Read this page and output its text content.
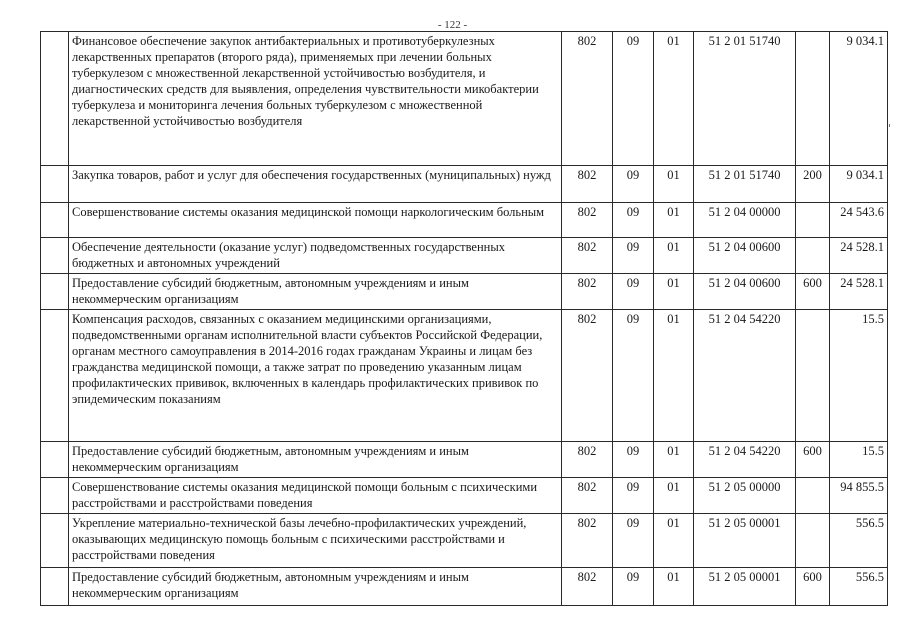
- 122 -
	Финансовое обеспечение закупок антибактериальных и противотуберкулезных лекарственных препаратов (второго ряда), применяемых при лечении больных туберкулезом с множественной лекарственной устойчивостью возбудителя, и диагностических средств для выявления, определения чувствительности микобактерии туберкулеза и мониторинга лечения больных туберкулезом с множественной лекарственной устойчивостью возбудителя	802	09	01	51 2 01 51740		9 034.1
	Закупка товаров, работ и услуг для обеспечения государственных (муниципальных) нужд	802	09	01	51 2 01 51740	200	9 034.1
	Совершенствование системы оказания медицинской помощи наркологическим больным	802	09	01	51 2 04 00000		24 543.6
	Обеспечение деятельности (оказание услуг) подведомственных государственных бюджетных и автономных учреждений	802	09	01	51 2 04 00600		24 528.1
	Предоставление субсидий бюджетным, автономным учреждениям и иным некоммерческим организациям	802	09	01	51 2 04 00600	600	24 528.1
	Компенсация расходов, связанных с оказанием медицинскими организациями, подведомственными органам исполнительной власти субъектов Российской Федерации, органам местного самоуправления в 2014-2016 годах гражданам Украины и лицам без гражданства медицинской помощи, а также затрат по проведению указанным лицам профилактических прививок, включенных в календарь профилактических прививок по эпидемическим показаниям	802	09	01	51 2 04 54220		15.5
	Предоставление субсидий бюджетным, автономным учреждениям и иным некоммерческим организациям	802	09	01	51 2 04 54220	600	15.5
	Совершенствование системы оказания медицинской помощи больным с психическими расстройствами и расстройствами поведения	802	09	01	51 2 05 00000		94 855.5
	Укрепление материально-технической базы лечебно-профилактических учреждений, оказывающих медицинскую помощь больным с психическими расстройствами и расстройствами поведения	802	09	01	51 2 05 00001		556.5
	Предоставление субсидий бюджетным, автономным учреждениям и иным некоммерческим организациям	802	09	01	51 2 05 00001	600	556.5
